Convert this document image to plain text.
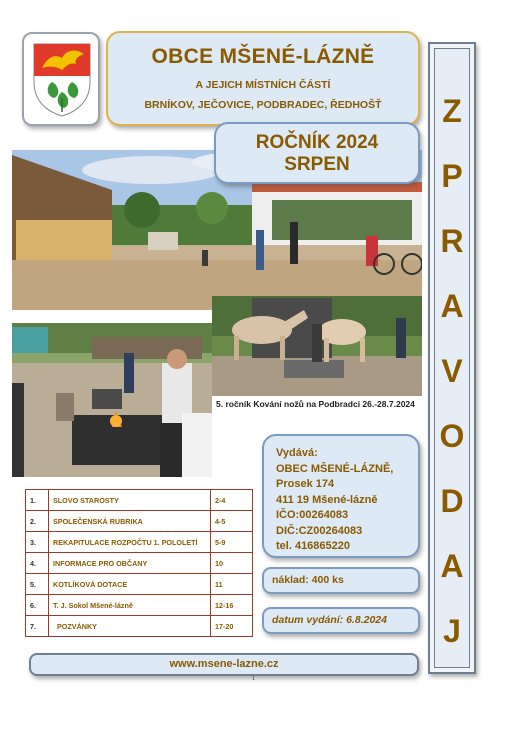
OBCE MŠENÉ-LÁZNĚ
A JEJICH MÍSTNÍCH ČÁSTÍ
BRNÍKOV, JEČOVICE, PODBRADEC, ŘEDHOŠŤ
ROČNÍK 2024
SRPEN
Z
P
R
A
V
O
D
A
J
5. ročník Kování nožů na Podbradci 26.-28.7.2024
Vydává:
OBEC MŠENÉ-LÁZNĚ,
Prosek 174
411 19 Mšené-lázně
IČO:00264083
DIČ:CZ00264083
tel. 416865220
náklad: 400 ks
datum vydání: 6.8.2024
1.	SLOVO STAROSTY	2-4
2.	SPOLEČENSKÁ RUBRIKA	4-5
3.	REKAPITULACE ROZPOČTU 1. POLOLETÍ	5-9
4.	INFORMACE PRO OBČANY	10
5.	KOTLÍKOVÁ DOTACE	11
6.	T. J. Sokol Mšené-lázně	12-16
7.	POZVÁNKY	17-20
www.msene-lazne.cz
1
